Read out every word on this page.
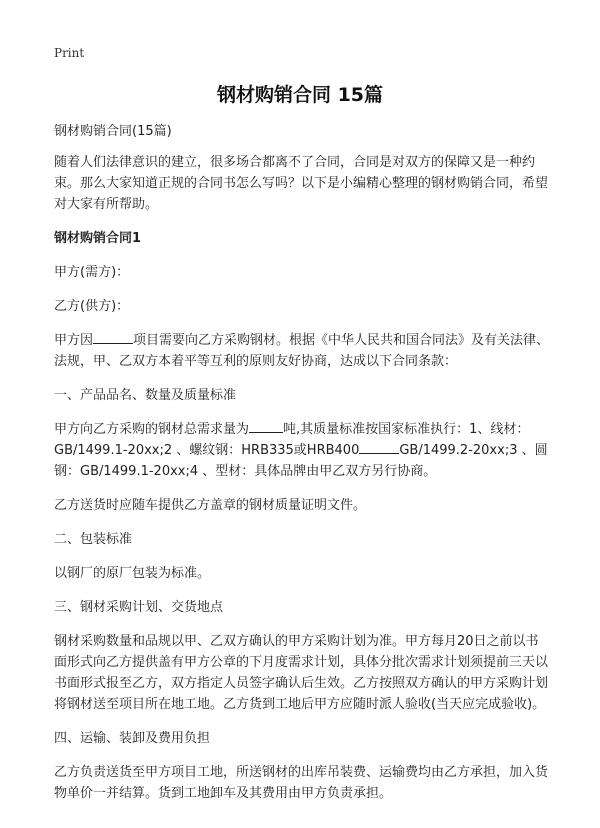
Print
钢材购销合同 15篇

钢材购销合同(15篇)

随着人们法律意识的建立，很多场合都离不了合同，合同是对双方的保障又是一种约束。那么大家知道正规的合同书怎么写吗？以下是小编精心整理的钢材购销合同，希望对大家有所帮助。

钢材购销合同1

甲方(需方)：

乙方(供方)：

甲方因	项目需要向乙方采购钢材。根据《中华人民共和国合同法》及有关法律、法规，甲、乙双方本着平等互利的原则友好协商，达成以下合同条款：

一、产品品名、数量及质量标准

甲方向乙方采购的钢材总需求量为	吨,其质量标准按国家标准执行：1、线材：GB/1499.1-20xx;2 、螺纹钢：HRB335或HRB400	GB/1499.2-20xx;3 、圆钢：GB/1499.1-20xx;4 、型材：具体品牌由甲乙双方另行协商。

乙方送货时应随车提供乙方盖章的钢材质量证明文件。

二、包装标准

以钢厂的原厂包装为标准。

三、钢材采购计划、交货地点

钢材采购数量和品规以甲、乙双方确认的甲方采购计划为准。甲方每月20日之前以书面形式向乙方提供盖有甲方公章的下月度需求计划，具体分批次需求计划须提前三天以书面形式报至乙方，双方指定人员签字确认后生效。乙方按照双方确认的甲方采购计划将钢材送至项目所在地工地。乙方货到工地后甲方应随时派人验收(当天应完成验收)。

四、运输、装卸及费用负担

乙方负责送货至甲方项目工地，所送钢材的出库吊装费、运输费均由乙方承担，加入货物单价一并结算。货到工地卸车及其费用由甲方负责承担。
